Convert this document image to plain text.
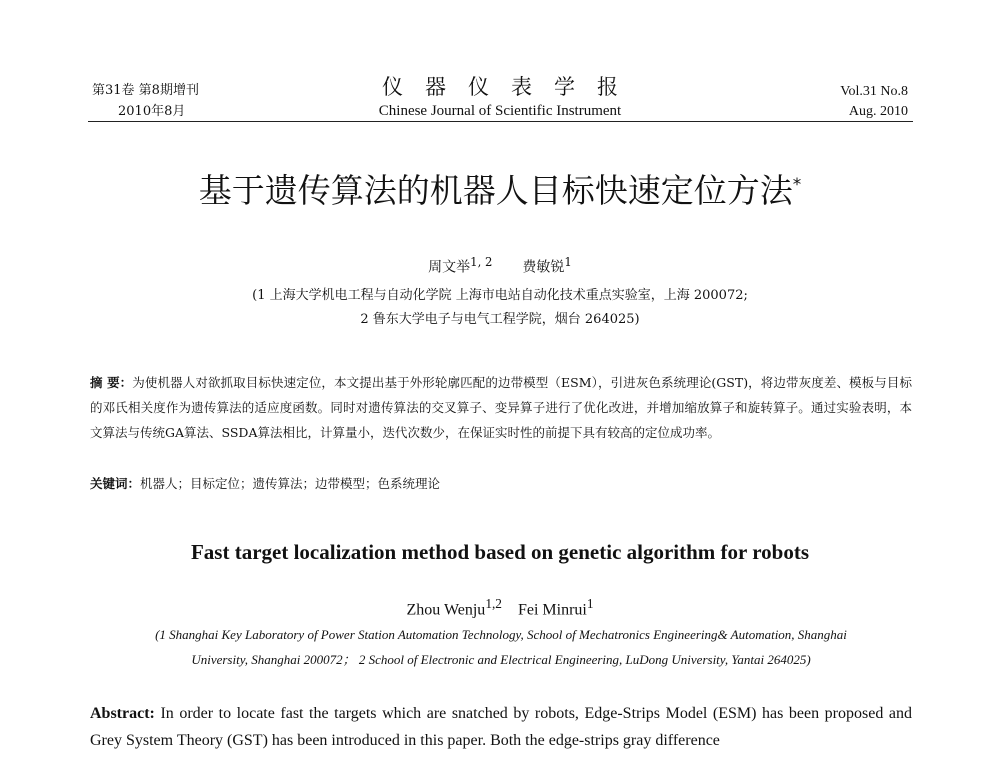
第31卷 第8期增刊
2010年8月
仪器仪表学报
Chinese Journal of Scientific Instrument
Vol.31 No.8
Aug. 2010
基于遗传算法的机器人目标快速定位方法*
周文举$^{1, 2}$ 费敏锐$^1$
(1 上海大学机电工程与自动化学院 上海市电站自动化技术重点实验室，上海 200072;
2 鲁东大学电子与电气工程学院，烟台 264025)
摘 要：为使机器人对欲抓取目标快速定位，本文提出基于外形轮廓匹配的边带模型（ESM），引进灰色系统理论(GST)，将边带灰度差、模板与目标的邓氏相关度作为遗传算法的适应度函数。同时对遗传算法的交叉算子、变异算子进行了优化改进，并增加缩放算子和旋转算子。通过实验表明，本文算法与传统GA算法、SSDA算法相比，计算量小，迭代次数少，在保证实时性的前提下具有较高的定位成功率。
关键词：机器人；目标定位；遗传算法；边带模型；色系统理论
Fast target localization method based on genetic algorithm for robots
Zhou Wenju$^{1,2}$ Fei Minrui$^1$
(1 Shanghai Key Laboratory of Power Station Automation Technology, School of Mechatronics Engineering& Automation, Shanghai
University, Shanghai 200072； 2 School of Electronic and Electrical Engineering, LuDong University, Yantai 264025)
Abstract: In order to locate fast the targets which are snatched by robots, Edge-Strips Model (ESM) has been proposed and Grey System Theory (GST) has been introduced in this paper. Both the edge-strips gray difference
